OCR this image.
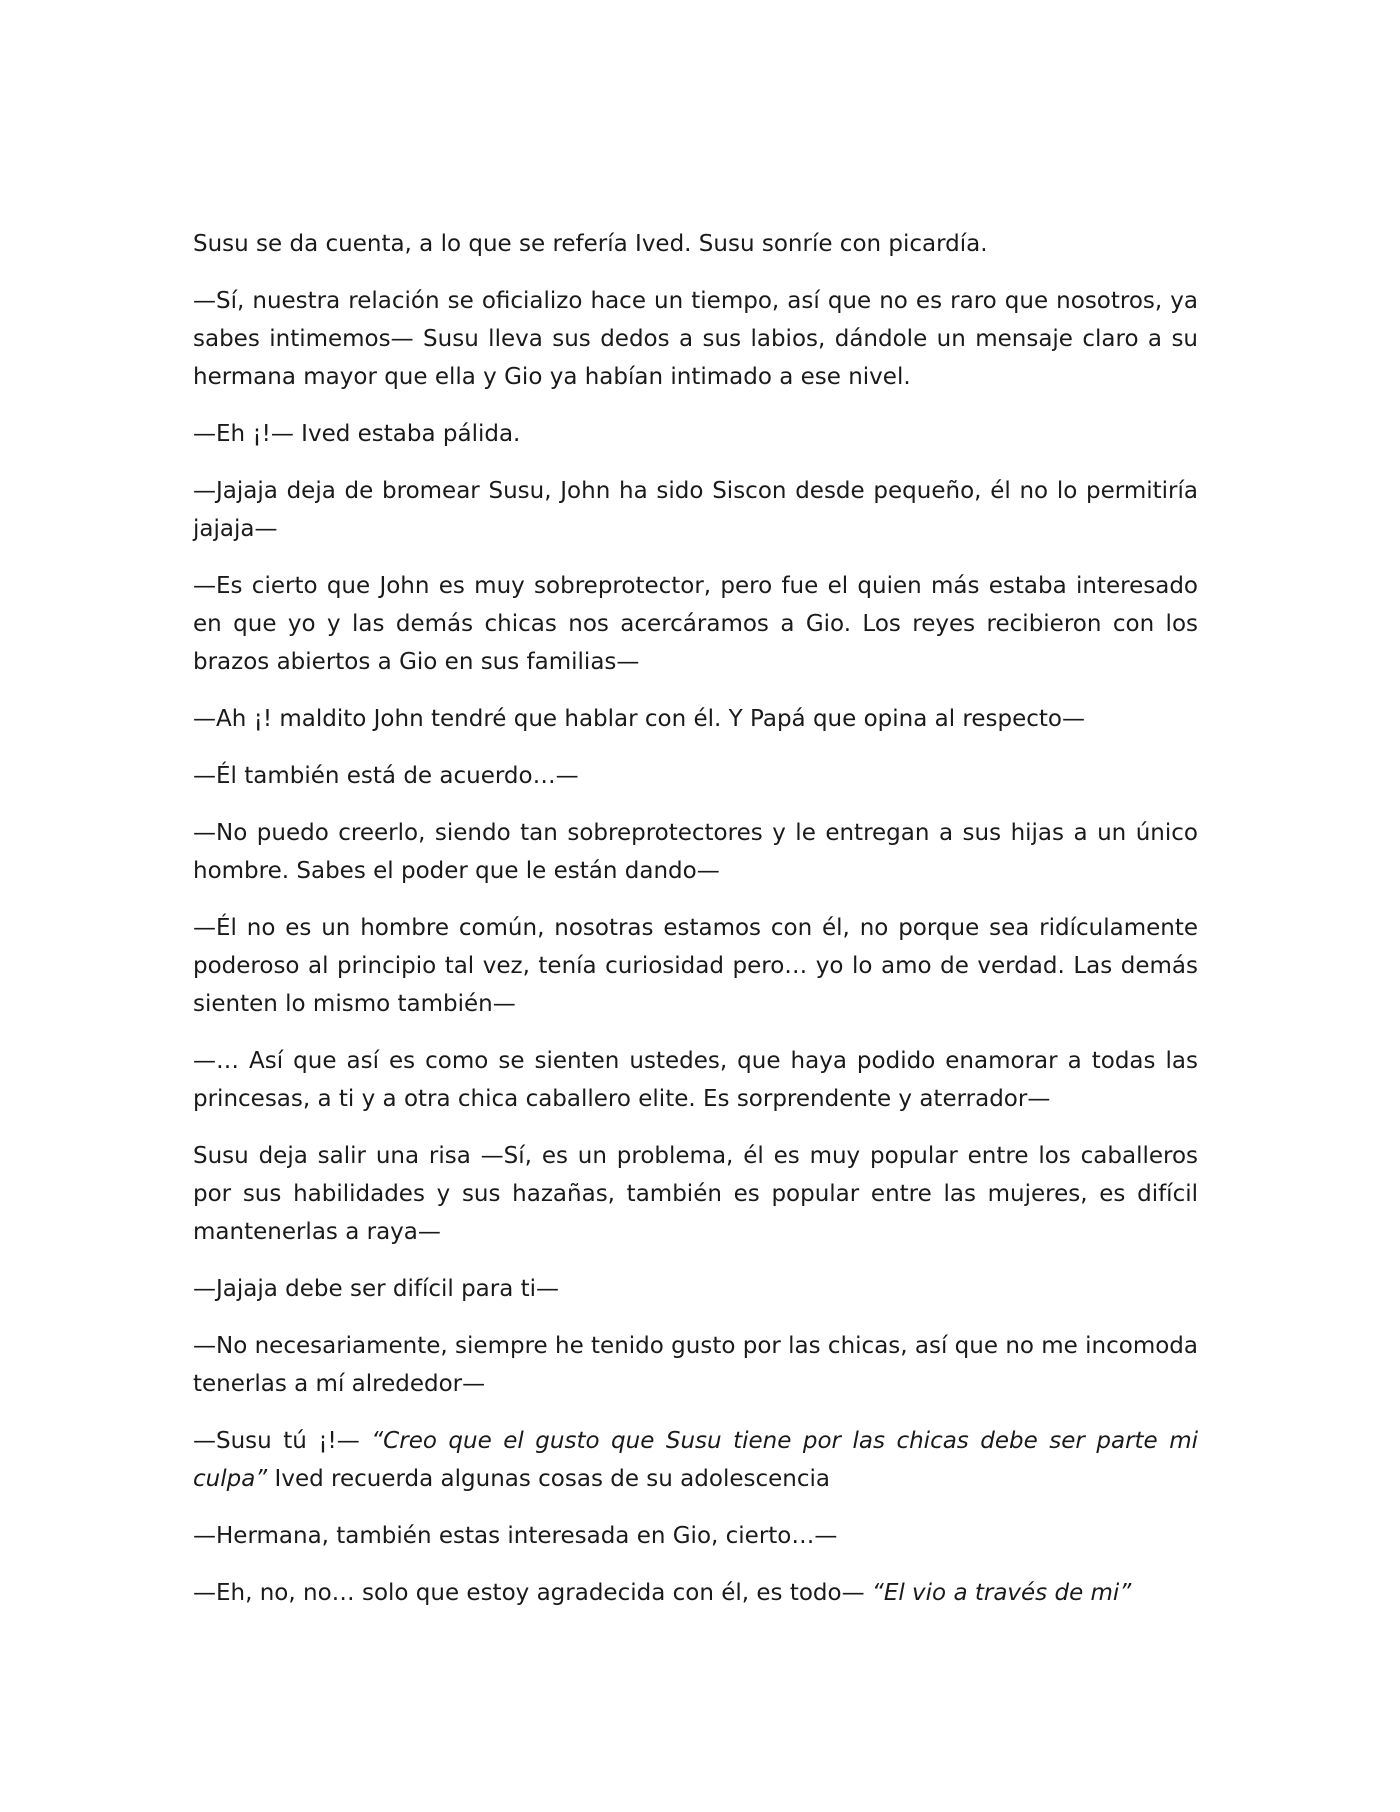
Susu se da cuenta, a lo que se refería Ived. Susu sonríe con picardía.

—Sí, nuestra relación se oficializo hace un tiempo, así que no es raro que nosotros, ya sabes intimemos— Susu lleva sus dedos a sus labios, dándole un mensaje claro a su hermana mayor que ella y Gio ya habían intimado a ese nivel.

—Eh ¡!— Ived estaba pálida.

—Jajaja deja de bromear Susu, John ha sido Siscon desde pequeño, él no lo permitiría jajaja—

—Es cierto que John es muy sobreprotector, pero fue el quien más estaba interesado en que yo y las demás chicas nos acercáramos a Gio. Los reyes recibieron con los brazos abiertos a Gio en sus familias—

—Ah ¡! maldito John tendré que hablar con él. Y Papá que opina al respecto—

—Él también está de acuerdo…—

—No puedo creerlo, siendo tan sobreprotectores y le entregan a sus hijas a un único hombre. Sabes el poder que le están dando—

—Él no es un hombre común, nosotras estamos con él, no porque sea ridículamente poderoso al principio tal vez, tenía curiosidad pero… yo lo amo de verdad. Las demás sienten lo mismo también—

—… Así que así es como se sienten ustedes, que haya podido enamorar a todas las princesas, a ti y a otra chica caballero elite. Es sorprendente y aterrador—

Susu deja salir una risa —Sí, es un problema, él es muy popular entre los caballeros por sus habilidades y sus hazañas, también es popular entre las mujeres, es difícil mantenerlas a raya—

—Jajaja debe ser difícil para ti—

—No necesariamente, siempre he tenido gusto por las chicas, así que no me incomoda tenerlas a mí alrededor—

—Susu tú ¡!— “Creo que el gusto que Susu tiene por las chicas debe ser parte mi culpa” Ived recuerda algunas cosas de su adolescencia

—Hermana, también estas interesada en Gio, cierto…—

—Eh, no, no… solo que estoy agradecida con él, es todo— “El vio a través de mi”
